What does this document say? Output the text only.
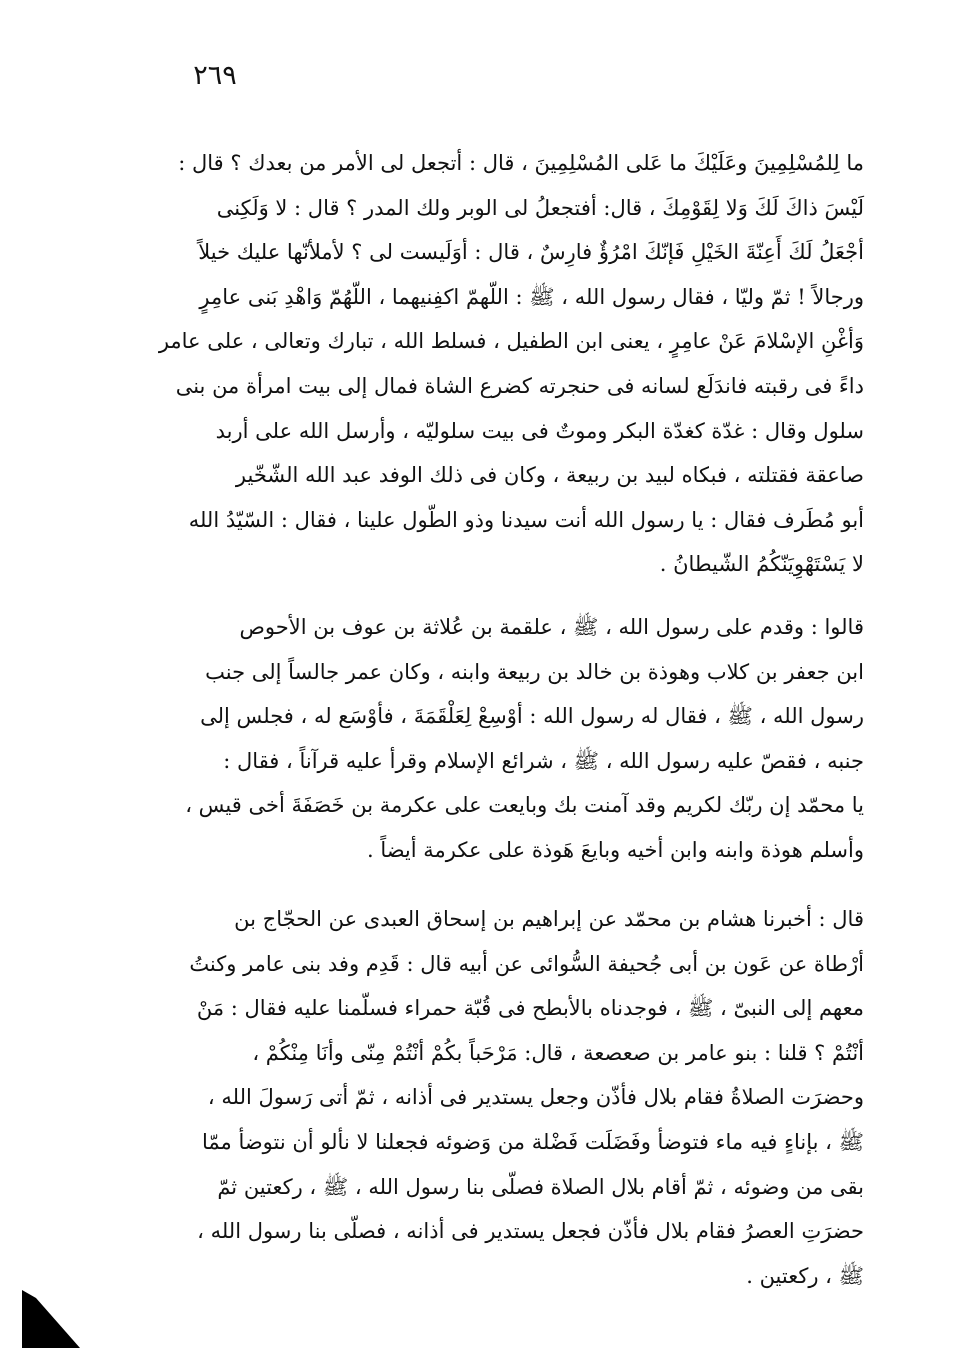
٢٦٩
ما لِلمُسْلِمِينَ وعَلَيْكَ ما عَلى المُسْلِمِينَ ، قال : أتجعل لى الأمر من بعدك ؟ قال :
لَيْسَ ذاكَ لَكَ وَلا لِقَوْمِكَ ، قال: أفتجعلُ لى الوبر ولك المدر ؟ قال : لا وَلَكِنى
أجْعَلُ لَكَ أَعِنّةَ الخَيْلِ فَإنّكَ امْرُؤٌ فارِسٌ ، قال : أوَلَيست لى ؟ لأملأنّها عليك خيلاً
ورجالاً ! ثمّ وليّا ، فقال رسول الله ، ﷺ : اللّهمّ اكفِنيهما ، اللّهُمّ وَاهْدِ بَنى عامِرٍ
وَأغْنِ الإسْلامَ عَنْ عامِرٍ ، يعنى ابن الطفيل ، فسلط الله ، تبارك وتعالى ، على عامر
داءً فى رقبته فاندَلَع لسانه فى حنجرته كضرع الشاة فمال إلى بيت امرأة من بنى
سلول وقال : غدّة كغدّة البكر وموتٌ فى بيت سلوليّه ، وأرسل الله على أربد
صاعقة فقتلته ، فبكاه لبيد بن ربيعة ، وكان فى ذلك الوفد عبد الله الشّخّير
أبو مُطَرف فقال : يا رسول الله أنت سيدنا وذو الطّول علينا ، فقال : السّيّدُ الله
لا يَسْتَهْوِيَنّكُمُ الشّيطانُ .
قالوا : وقدم على رسول الله ، ﷺ ، علقمة بن عُلاثة بن عوف بن الأحوص
ابن جعفر بن كلاب وهوذة بن خالد بن ربيعة وابنه ، وكان عمر جالساً إلى جنب
رسول الله ، ﷺ ، فقال له رسول الله : أوْسِعْ لِعَلْقَمَةَ ، فأوْسَع له ، فجلس إلى
جنبه ، فقصّ عليه رسول الله ، ﷺ ، شرائع الإسلام وقرأ عليه قرآناً ، فقال :
يا محمّد إن ربّك لكريم وقد آمنت بك وبايعت على عكرمة بن خَصَفَةَ أخى قيس ،
وأسلم هوذة وابنه وابن أخيه وبايعَ هَوذة على عكرمة أيضاً .
قال : أخبرنا هشام بن محمّد عن إبراهيم بن إسحاق العبدى عن الحجّاج بن
أرْطاة عن عَون بن أبى جُحيفة السُّوائى عن أبيه قال : قَدِم وفد بنى عامر وكنتُ
معهم إلى النبىّ ، ﷺ ، فوجدناه بالأبطح فى قُبّة حمراء فسلّمنا عليه فقال : مَنْ
أنْتُمْ ؟ قلنا : بنو عامر بن صعصعة ، قال: مَرْحَباً بكُمْ أنْتُمْ مِنّى وأنَا مِنْكُمْ ،
وحضرَت الصلاةُ فقام بلال فأذّن وجعل يستدير فى أذانه ، ثمّ أتى رَسولَ الله ،
ﷺ ، بإناءٍ فيه ماء فتوضأ وفَضَلَت فَضْلة من وَضوئه فجعلنا لا نألو أن نتوضأ ممّا
بقى من وضوئه ، ثمّ أقام بلال الصلاة فصلّى بنا رسول الله ، ﷺ ، ركعتين ثمّ
حضرَتِ العصرُ فقام بلال فأذّن فجعل يستدير فى أذانه ، فصلّى بنا رسول الله ،
ﷺ ، ركعتين .
